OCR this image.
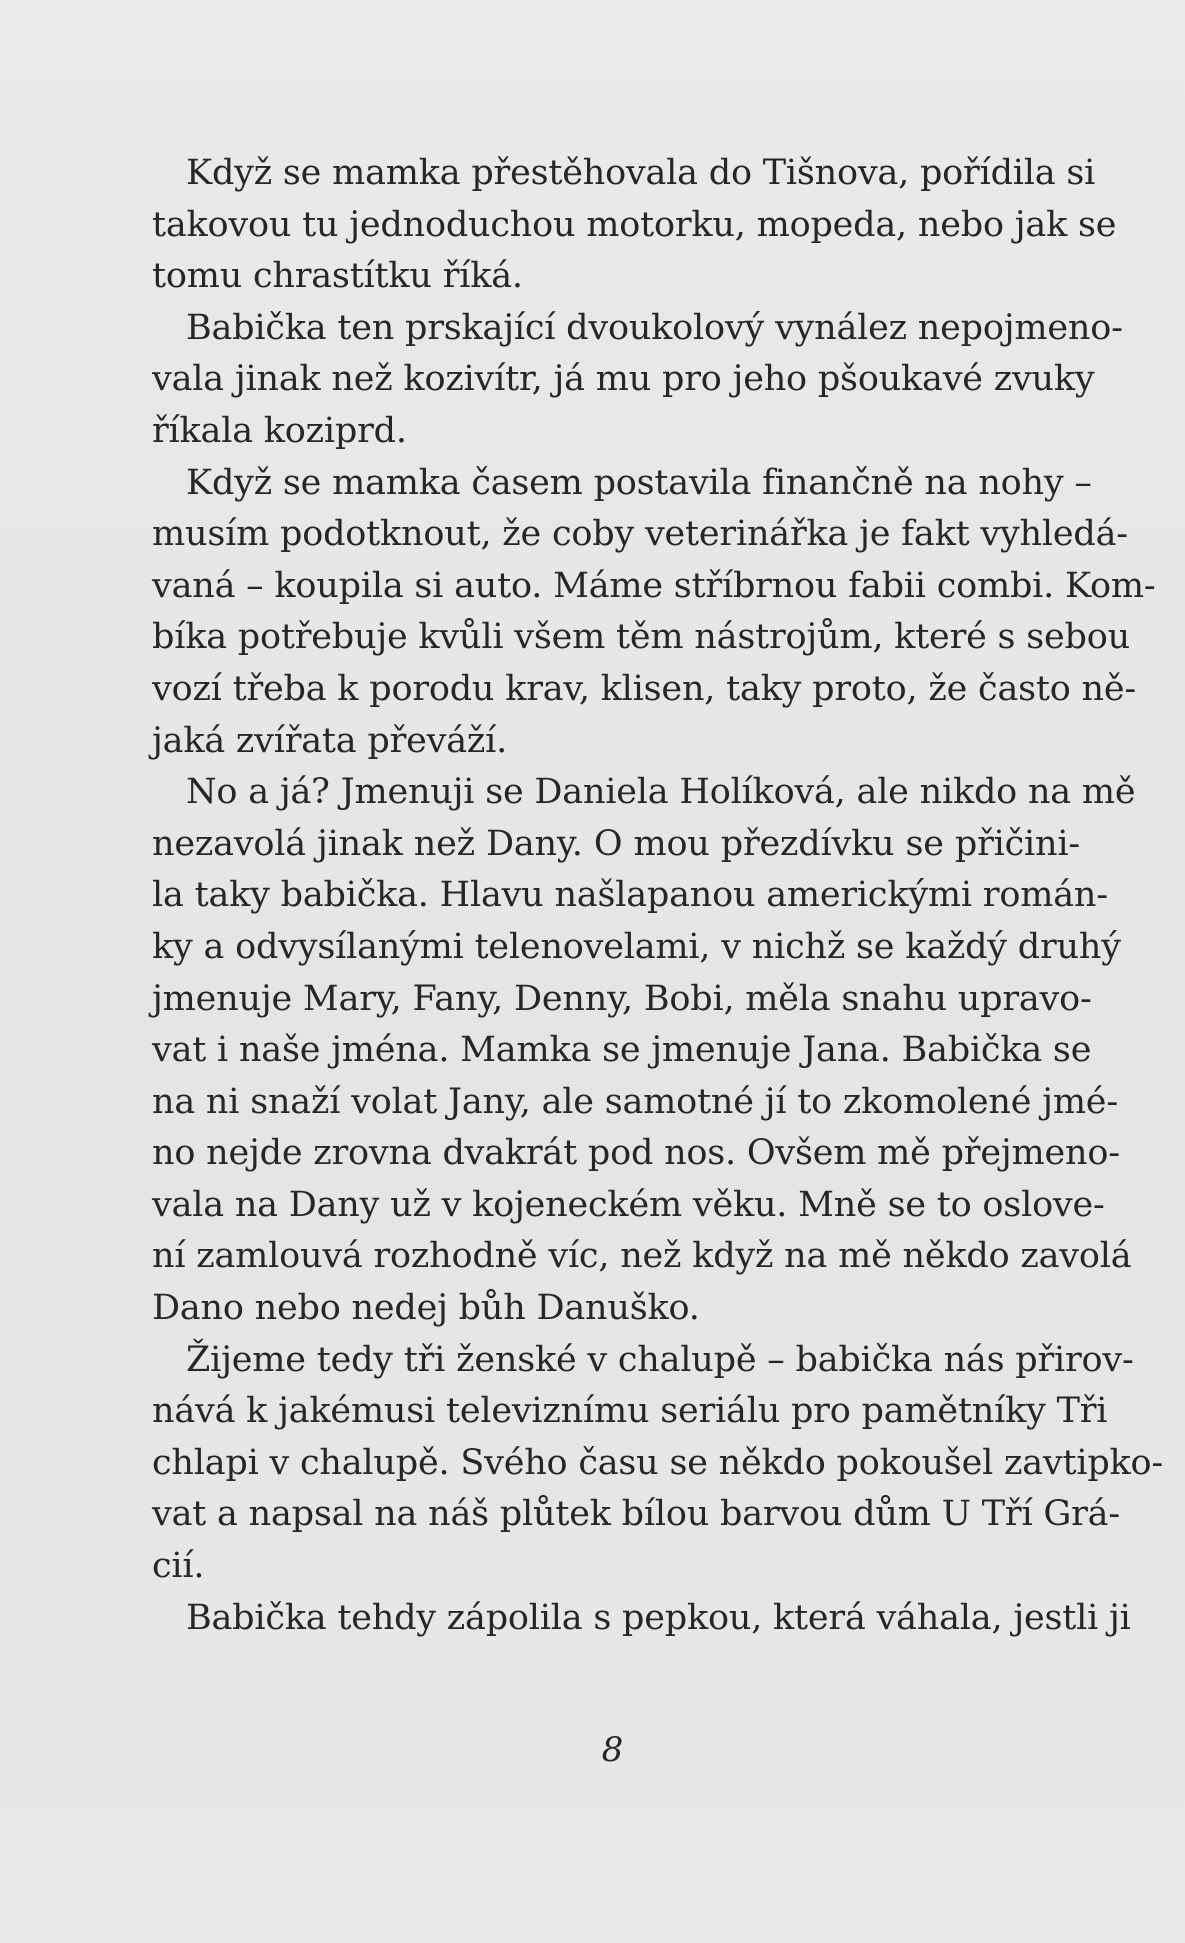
Když se mamka přestěhovala do Tišnova, pořídila si
takovou tu jednoduchou motorku, mopeda, nebo jak se
tomu chrastítku říká.
Babička ten prskající dvoukolový vynález nepojmeno-
vala jinak než kozivítr, já mu pro jeho pšoukavé zvuky
říkala koziprd.
Když se mamka časem postavila finančně na nohy –
musím podotknout, že coby veterinářka je fakt vyhledá-
vaná – koupila si auto. Máme stříbrnou fabii combi. Kom-
bíka potřebuje kvůli všem těm nástrojům, které s sebou
vozí třeba k porodu krav, klisen, taky proto, že často ně-
jaká zvířata převáží.
No a já? Jmenuji se Daniela Holíková, ale nikdo na mě
nezavolá jinak než Dany. O mou přezdívku se přičini-
la taky babička. Hlavu našlapanou americkými román-
ky a odvysílanými telenovelami, v nichž se každý druhý
jmenuje Mary, Fany, Denny, Bobi, měla snahu upravo-
vat i naše jména. Mamka se jmenuje Jana. Babička se
na ni snaží volat Jany, ale samotné jí to zkomolené jmé-
no nejde zrovna dvakrát pod nos. Ovšem mě přejmeno-
vala na Dany už v kojeneckém věku. Mně se to oslove-
ní zamlouvá rozhodně víc, než když na mě někdo zavolá
Dano nebo nedej bůh Danuško.
Žijeme tedy tři ženské v chalupě – babička nás přirov-
nává k jakémusi televiznímu seriálu pro pamětníky Tři
chlapi v chalupě. Svého času se někdo pokoušel zavtipko-
vat a napsal na náš plůtek bílou barvou dům U Tří Grá-
cií.
Babička tehdy zápolila s pepkou, která váhala, jestli ji
8
